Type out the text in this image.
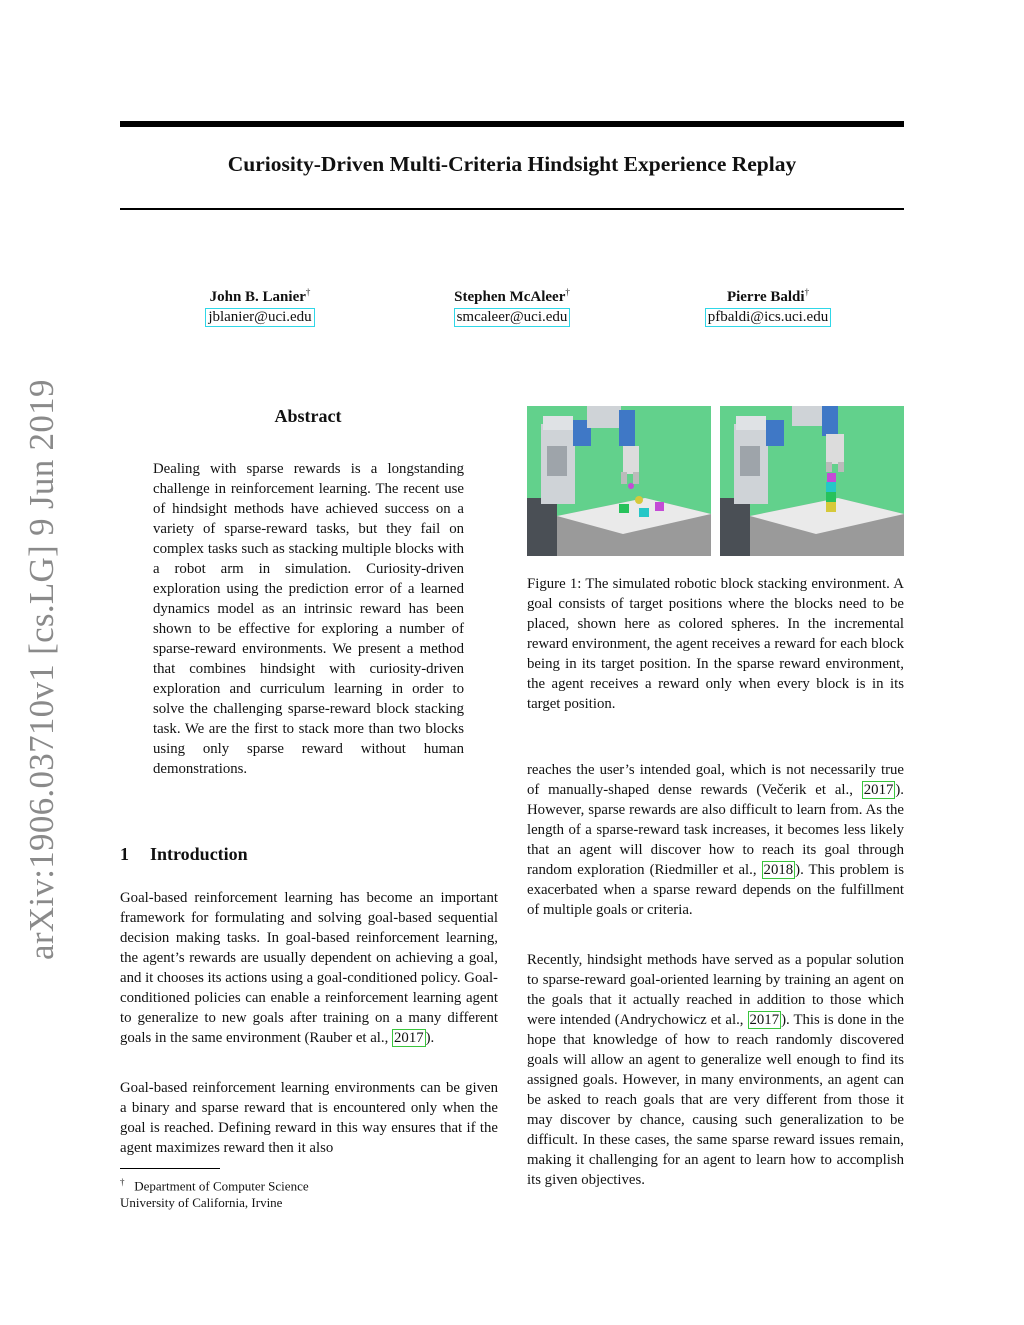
arXiv:1906.03710v1 [cs.LG] 9 Jun 2019
Curiosity-Driven Multi-Criteria Hindsight Experience Replay
John B. Lanier†
jblanier@uci.edu
Stephen McAleer†
smcaleer@uci.edu
Pierre Baldi†
pfbaldi@ics.uci.edu
Abstract
Dealing with sparse rewards is a longstanding challenge in reinforcement learning. The recent use of hindsight methods have achieved success on a variety of sparse-reward tasks, but they fail on complex tasks such as stacking multiple blocks with a robot arm in simulation. Curiosity-driven exploration using the prediction error of a learned dynamics model as an intrinsic reward has been shown to be effective for exploring a number of sparse-reward environments. We present a method that combines hindsight with curiosity-driven exploration and curriculum learning in order to solve the challenging sparse-reward block stacking task. We are the first to stack more than two blocks using only sparse reward without human demonstrations.
1 Introduction

Goal-based reinforcement learning has become an important framework for formulating and solving goal-based sequential decision making tasks. In goal-based reinforcement learning, the agent’s rewards are usually dependent on achieving a goal, and it chooses its actions using a goal-conditioned policy. Goal-conditioned policies can enable a reinforcement learning agent to generalize to new goals after training on a many different goals in the same environment (Rauber et al., 2017 ).

Goal-based reinforcement learning environments can be given a binary and sparse reward that is encountered only when the goal is reached. Defining reward in this way ensures that if the agent maximizes reward then it also

Figure 1: The simulated robotic block stacking environment. A goal consists of target positions where the blocks need to be placed, shown here as colored spheres. In the incremental reward environment, the agent receives a reward for each block being in its target position. In the sparse reward environment, the agent receives a reward only when every block is in its target position.

reaches the user’s intended goal, which is not necessarily true of manually-shaped dense rewards (Večerik et al., 2017 ). However, sparse rewards are also difficult to learn from. As the length of a sparse-reward task increases, it becomes less likely that an agent will discover how to reach its goal through random exploration (Riedmiller et al., 2018 ). This problem is exacerbated when a sparse reward depends on the fulfillment of multiple goals or criteria.

Recently, hindsight methods have served as a popular solution to sparse-reward goal-oriented learning by training an agent on the goals that it actually reached in addition to those which were intended (Andrychowicz et al., 2017 ). This is done in the hope that knowledge of how to reach randomly discovered goals will allow an agent to generalize well enough to find its assigned goals. However, in many environments, an agent can be asked to reach goals that are very different from those it may discover by chance, causing such generalization to be difficult. In these cases, the same sparse reward issues remain, making it challenging for an agent to learn how to accomplish its given objectives.

† Department of Computer Science
University of California, Irvine
